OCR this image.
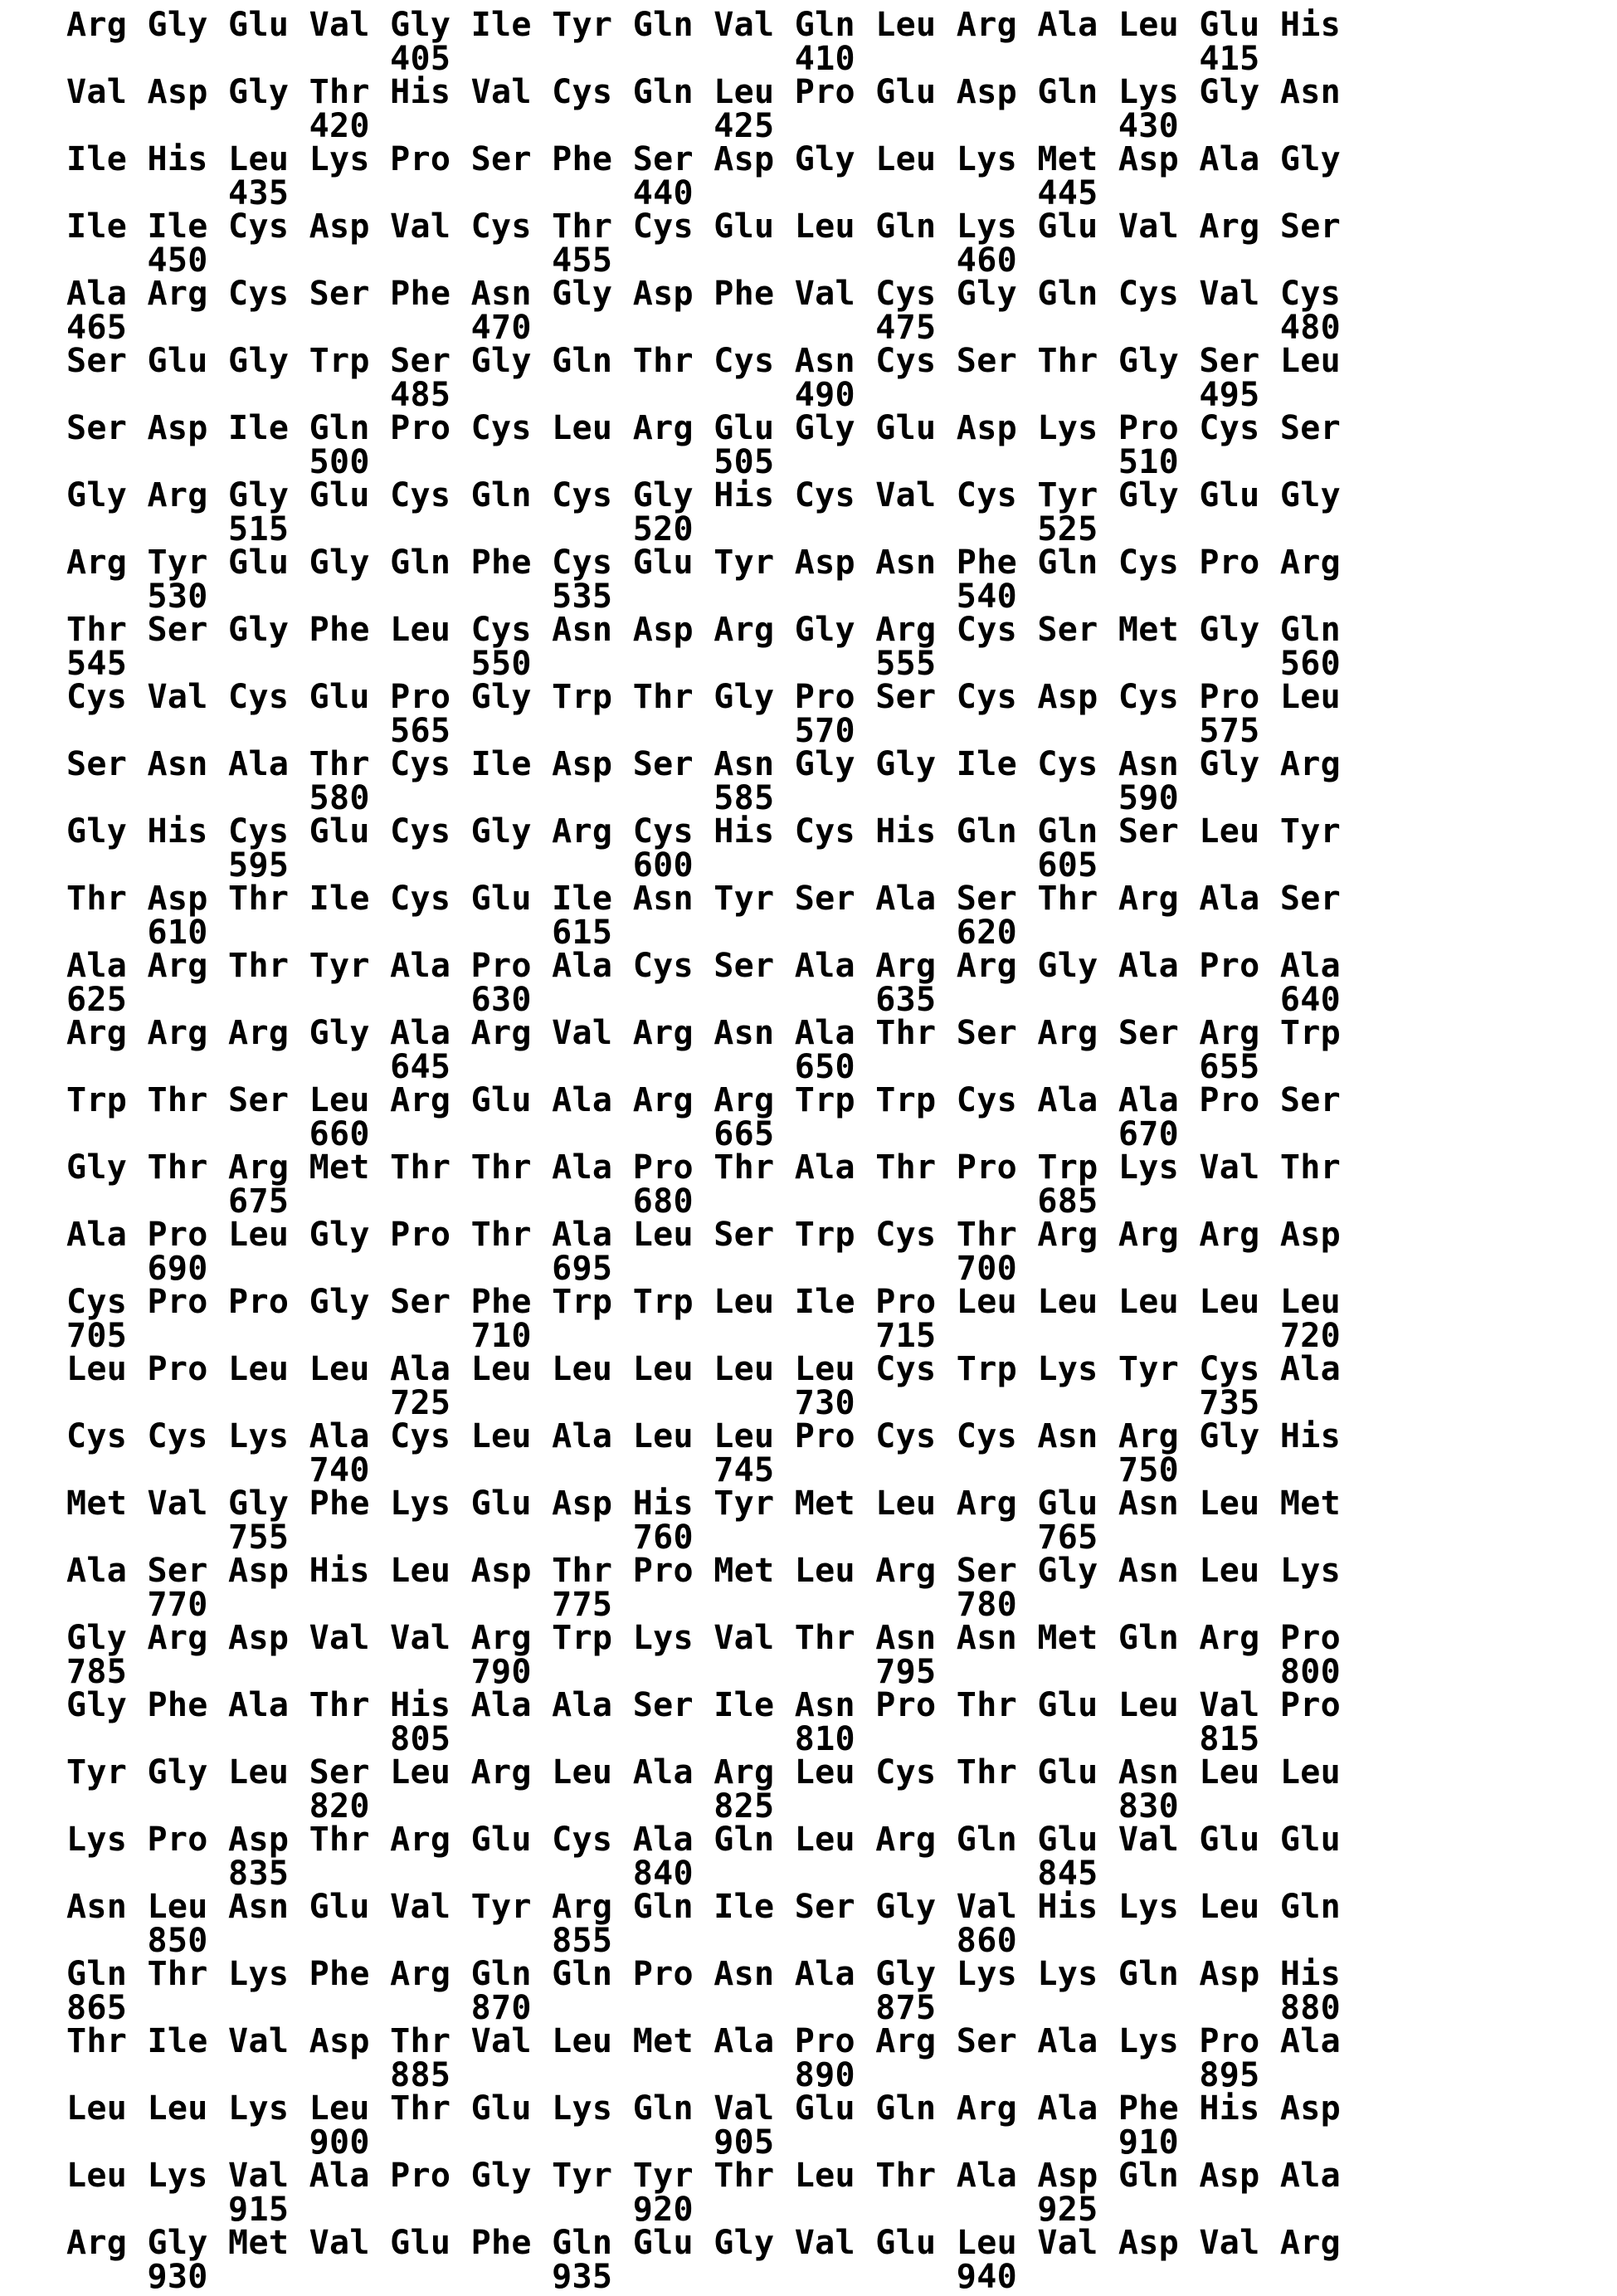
Arg Gly Glu Val Gly Ile Tyr Gln Val Gln Leu Arg Ala Leu Glu His
405                 410                 415
Val Asp Gly Thr His Val Cys Gln Leu Pro Glu Asp Gln Lys Gly Asn
420                 425                 430
Ile His Leu Lys Pro Ser Phe Ser Asp Gly Leu Lys Met Asp Ala Gly
435                 440                 445
Ile Ile Cys Asp Val Cys Thr Cys Glu Leu Gln Lys Glu Val Arg Ser
450                 455                 460
Ala Arg Cys Ser Phe Asn Gly Asp Phe Val Cys Gly Gln Cys Val Cys
465                 470                 475                 480
Ser Glu Gly Trp Ser Gly Gln Thr Cys Asn Cys Ser Thr Gly Ser Leu
485                 490                 495
Ser Asp Ile Gln Pro Cys Leu Arg Glu Gly Glu Asp Lys Pro Cys Ser
500                 505                 510
Gly Arg Gly Glu Cys Gln Cys Gly His Cys Val Cys Tyr Gly Glu Gly
515                 520                 525
Arg Tyr Glu Gly Gln Phe Cys Glu Tyr Asp Asn Phe Gln Cys Pro Arg
530                 535                 540
Thr Ser Gly Phe Leu Cys Asn Asp Arg Gly Arg Cys Ser Met Gly Gln
545                 550                 555                 560
Cys Val Cys Glu Pro Gly Trp Thr Gly Pro Ser Cys Asp Cys Pro Leu
565                 570                 575
Ser Asn Ala Thr Cys Ile Asp Ser Asn Gly Gly Ile Cys Asn Gly Arg
580                 585                 590
Gly His Cys Glu Cys Gly Arg Cys His Cys His Gln Gln Ser Leu Tyr
595                 600                 605
Thr Asp Thr Ile Cys Glu Ile Asn Tyr Ser Ala Ser Thr Arg Ala Ser
610                 615                 620
Ala Arg Thr Tyr Ala Pro Ala Cys Ser Ala Arg Arg Gly Ala Pro Ala
625                 630                 635                 640
Arg Arg Arg Gly Ala Arg Val Arg Asn Ala Thr Ser Arg Ser Arg Trp
645                 650                 655
Trp Thr Ser Leu Arg Glu Ala Arg Arg Trp Trp Cys Ala Ala Pro Ser
660                 665                 670
Gly Thr Arg Met Thr Thr Ala Pro Thr Ala Thr Pro Trp Lys Val Thr
675                 680                 685
Ala Pro Leu Gly Pro Thr Ala Leu Ser Trp Cys Thr Arg Arg Arg Asp
690                 695                 700
Cys Pro Pro Gly Ser Phe Trp Trp Leu Ile Pro Leu Leu Leu Leu Leu
705                 710                 715                 720
Leu Pro Leu Leu Ala Leu Leu Leu Leu Leu Cys Trp Lys Tyr Cys Ala
725                 730                 735
Cys Cys Lys Ala Cys Leu Ala Leu Leu Pro Cys Cys Asn Arg Gly His
740                 745                 750
Met Val Gly Phe Lys Glu Asp His Tyr Met Leu Arg Glu Asn Leu Met
755                 760                 765
Ala Ser Asp His Leu Asp Thr Pro Met Leu Arg Ser Gly Asn Leu Lys
770                 775                 780
Gly Arg Asp Val Val Arg Trp Lys Val Thr Asn Asn Met Gln Arg Pro
785                 790                 795                 800
Gly Phe Ala Thr His Ala Ala Ser Ile Asn Pro Thr Glu Leu Val Pro
805                 810                 815
Tyr Gly Leu Ser Leu Arg Leu Ala Arg Leu Cys Thr Glu Asn Leu Leu
820                 825                 830
Lys Pro Asp Thr Arg Glu Cys Ala Gln Leu Arg Gln Glu Val Glu Glu
835                 840                 845
Asn Leu Asn Glu Val Tyr Arg Gln Ile Ser Gly Val His Lys Leu Gln
850                 855                 860
Gln Thr Lys Phe Arg Gln Gln Pro Asn Ala Gly Lys Lys Gln Asp His
865                 870                 875                 880
Thr Ile Val Asp Thr Val Leu Met Ala Pro Arg Ser Ala Lys Pro Ala
885                 890                 895
Leu Leu Lys Leu Thr Glu Lys Gln Val Glu Gln Arg Ala Phe His Asp
900                 905                 910
Leu Lys Val Ala Pro Gly Tyr Tyr Thr Leu Thr Ala Asp Gln Asp Ala
915                 920                 925
Arg Gly Met Val Glu Phe Gln Glu Gly Val Glu Leu Val Asp Val Arg
930                 935                 940
